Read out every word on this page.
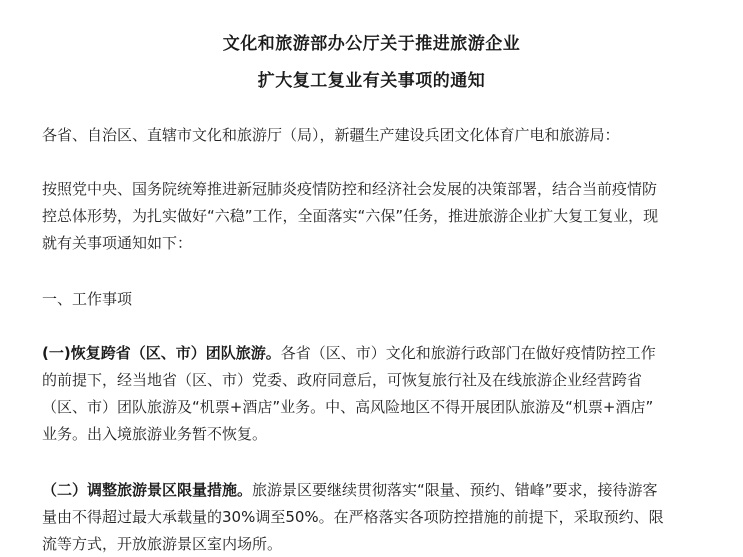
文化和旅游部办公厅关于推进旅游企业
扩大复工复业有关事项的通知
各省、自治区、直辖市文化和旅游厅（局），新疆生产建设兵团文化体育广电和旅游局：
按照党中央、国务院统筹推进新冠肺炎疫情防控和经济社会发展的决策部署，结合当前疫情防
控总体形势，为扎实做好“六稳”工作，全面落实“六保”任务，推进旅游企业扩大复工复业，现
就有关事项通知如下：
一、工作事项
(一)恢复跨省（区、市）团队旅游。各省（区、市）文化和旅游行政部门在做好疫情防控工作
的前提下，经当地省（区、市）党委、政府同意后，可恢复旅行社及在线旅游企业经营跨省
（区、市）团队旅游及“机票+酒店”业务。中、高风险地区不得开展团队旅游及“机票+酒店”
业务。出入境旅游业务暂不恢复。
（二）调整旅游景区限量措施。旅游景区要继续贯彻落实“限量、预约、错峰”要求，接待游客
量由不得超过最大承载量的30%调至50%。在严格落实各项防控措施的前提下，采取预约、限
流等方式，开放旅游景区室内场所。
